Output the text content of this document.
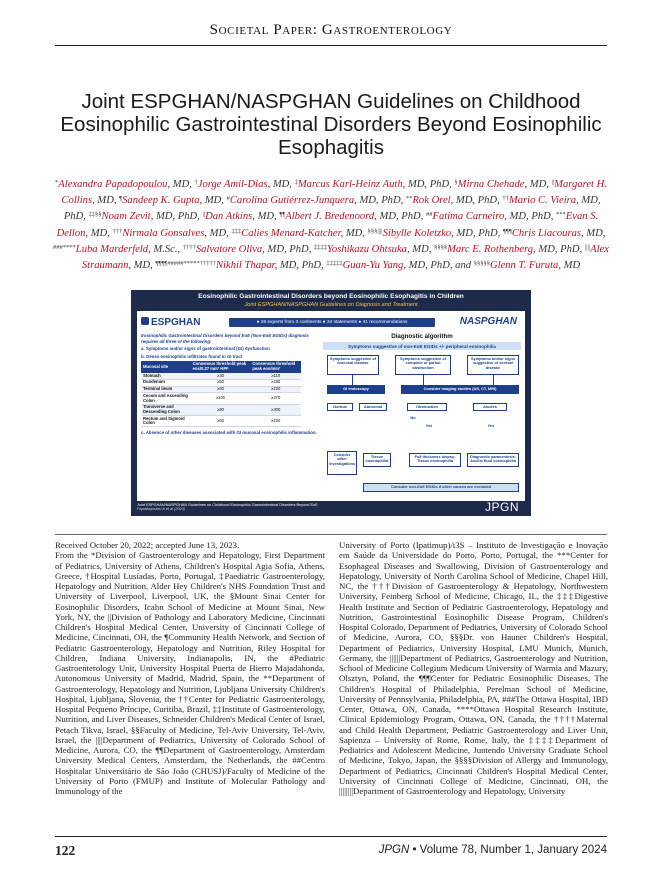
Societal Paper: Gastroenterology
Joint ESPGHAN/NASPGHAN Guidelines on Childhood Eosinophilic Gastrointestinal Disorders Beyond Eosinophilic Esophagitis
*Alexandra Papadopoulou, MD, †Jorge Amil-Dias, MD, ‡Marcus Karl-Heinz Auth, MD, PhD, §Mirna Chehade, MD, ||Margaret H. Collins, MD, ¶Sandeep K. Gupta, MD, #Carolina Gutiérrez-Junquera, MD, PhD, **Rok Orel, MD, PhD, ††Mario C. Vieira, MD, PhD, ‡‡§§Noam Zevit, MD, PhD, ||Dan Atkins, MD, ¶¶Albert J. Bredenoord, MD, PhD, ##Fatima Carneiro, MD, PhD, ***Evan S. Dellon, MD, †††Nirmala Gonsalves, MD, ‡‡‡Calies Menard-Katcher, MD, §§§||||Sibylle Koletzko, MD, PhD, ¶¶¶Chris Liacouras, MD, ###****Luba Marderfeld, M.Sc., ††††Salvatore Oliva, MD, PhD, ‡‡‡‡Yoshikazu Ohtsuka, MD, §§§§Marc E. Rothenberg, MD, PhD, ||||Alex Straumann, MD, ¶¶¶¶#####*****†††††Nikhil Thapar, MD, PhD, ‡‡‡‡‡Guan-Yu Yang, MD, PhD, and §§§§§Glenn T. Furuta, MD
Eosinophilic Gastrointestinal Disorders beyond Eosinophilic Esophagitis in Children
Joint ESPGHAN/NASPGHAN Guidelines on Diagnosis and Treatment
ESPGHAN	● 26 experts from 3 continents ● 34 statements ● 41 recommendations	NASPGHAN
Eosinophilic Gastrointestinal Disorders beyond EoE (Non-EoE EGIDs) diagnosis requires all three of the following:
a. Symptoms and/or signs of gastrointestinal (GI) dysfunction
b. Dense eosinophilic infiltrates found in GI tract
Mucosal site	Consensus threshold peak eos/0.27 mm² HPF	Consensus threshold peak eos/mm²
Stomach	≥30	≥110
Duodenum	≥50	≥185
Terminal ileum	≥60	≥220
Cecum and Ascending Colon	≥100	≥370
Transverse and Descending Colon	≥80	≥300
Rectum and Sigmoid Colon	≥60	≥220
c. Absence of other diseases associated with GI mucosal eosinophilic inflammation.
Diagnostic algorithm
Symptoms suggestive of non-EoE EGIDs +/- peripheral eosinophilia
Symptoms suggestive of mucosal disease
Symptoms suggestive of complete or partial obstruction
Symptoms and/or signs suggestive of serosal disease
GI endoscopy	Consider imaging studies (US, CT, MRI)
Normal	Abnormal	Obstruction	Ascites
Yes	Yes
No
Consider other investigations
Tissue eosinophilia
Full thickness biopsy: Tissue eosinophilia
Diagnostic paracentesis: Ascitic fluid eosinophilia
Consider non-EoE EGIDs if other causes are excluded
Joint ESPGHAN/NASPGHAN Guidelines on Childhood Eosinophilic Gastrointestinal Disorders Beyond EoE
Papadopoulou A et al (2023)	JPGN

Received October 20, 2022; accepted June 13, 2023.

From the *Division of Gastroenterology and Hepatology, First Department of Pediatrics, University of Athens, Children's Hospital Agia Sofia, Athens, Greece, †Hospital Lusíadas, Porto, Portugal, ‡Paediatric Gastroenterology, Hepatology and Nutrition, Alder Hey Children's NHS Foundation Trust and University of Liverpool, Liverpool, UK, the §Mount Sinai Center for Eosinophilic Disorders, Icahn School of Medicine at Mount Sinai, New York, NY, the ||Division of Pathology and Laboratory Medicine, Cincinnati Children's Hospital Medical Center, University of Cincinnati College of Medicine, Cincinnati, OH, the ¶Community Health Network, and Section of Pediatric Gastroenterology, Hepatology and Nutrition, Riley Hospital for Children, Indiana University, Indianapolis, IN, the #Pediatric Gastroenterology Unit, University Hospital Puerta de Hierro Majadahonda, Autonomous University of Madrid, Madrid, Spain, the **Department of Gastroenterology, Hepatology and Nutrition, Ljubljana University Children's Hospital, Ljubljana, Slovenia, the ††Center for Pediatric Gastroenterology, Hospital Pequeno Príncipe, Curitiba, Brazil, ‡‡Institute of Gastroenterology, Nutrition, and Liver Diseases, Schneider Children's Medical Center of Israel, Petach Tikva, Israel, §§Faculty of Medicine, Tel-Aviv University, Tel-Aviv, Israel, the ||||Department of Pediatrics, University of Colorado School of Medicine, Aurora, CO, the ¶¶Department of Gastroenterology, Amsterdam University Medical Centers, Amsterdam, the Netherlands, the ##Centro Hospitalar Universitário de São João (CHUSJ)/Faculty of Medicine of the University of Porto (FMUP) and Institute of Molecular Pathology and Immunology of the

University of Porto (Ipatimup)/i3S – Instituto de Investigação e Inovação em Saúde da Universidade do Porto, Porto, Portugal, the ***Center for Esophageal Diseases and Swallowing, Division of Gastroenterology and Hepatology, University of North Carolina School of Medicine, Chapel Hill, NC, the †††Division of Gastroenterology & Hepatology, Northwestern University, Feinberg School of Medicine, Chicago, IL, the ‡‡‡Digestive Health Institute and Section of Pediatric Gastroenterology, Hepatology and Nutrition, Gastrointestinal Eosinophilic Disease Program, Children's Hospital Colorado, Department of Pediatrics, University of Colorado School of Medicine, Aurora, CO, §§§Dr. von Hauner Children's Hospital, Department of Pediatrics, University Hospital, LMU Munich, Munich, Germany, the ||||||Department of Pediatrics, Gastroenterology and Nutrition, School of Medicine Collegium Medicum University of Warmia and Mazury, Olsztyn, Poland, the ¶¶¶Center for Pediatric Eosinophilic Diseases, The Children's Hospital of Philadelphia, Perelman School of Medicine, University of Pennsylvania, Philadelphia, PA, ###The Ottawa Hospital, IBD Center, Ottawa, ON, Canada, ****Ottawa Hospital Research Institute, Clinical Epidemiology Program, Ottawa, ON, Canada, the ††††Maternal and Child Health Department, Pediatric Gastroenterology and Liver Unit, Sapienza – University of Rome, Rome, Italy, the ‡‡‡‡Department of Pediatrics and Adolescent Medicine, Juntendo University Graduate School of Medicine, Tokyo, Japan, the §§§§Division of Allergy and Immunology, Department of Pediatrics, Cincinnati Children's Hospital Medical Center, University of Cincinnati College of Medicine, Cincinnati, OH, the ||||||||Department of Gastroenterology and Hepatology, University

122	JPGN • Volume 78, Number 1, January 2024
